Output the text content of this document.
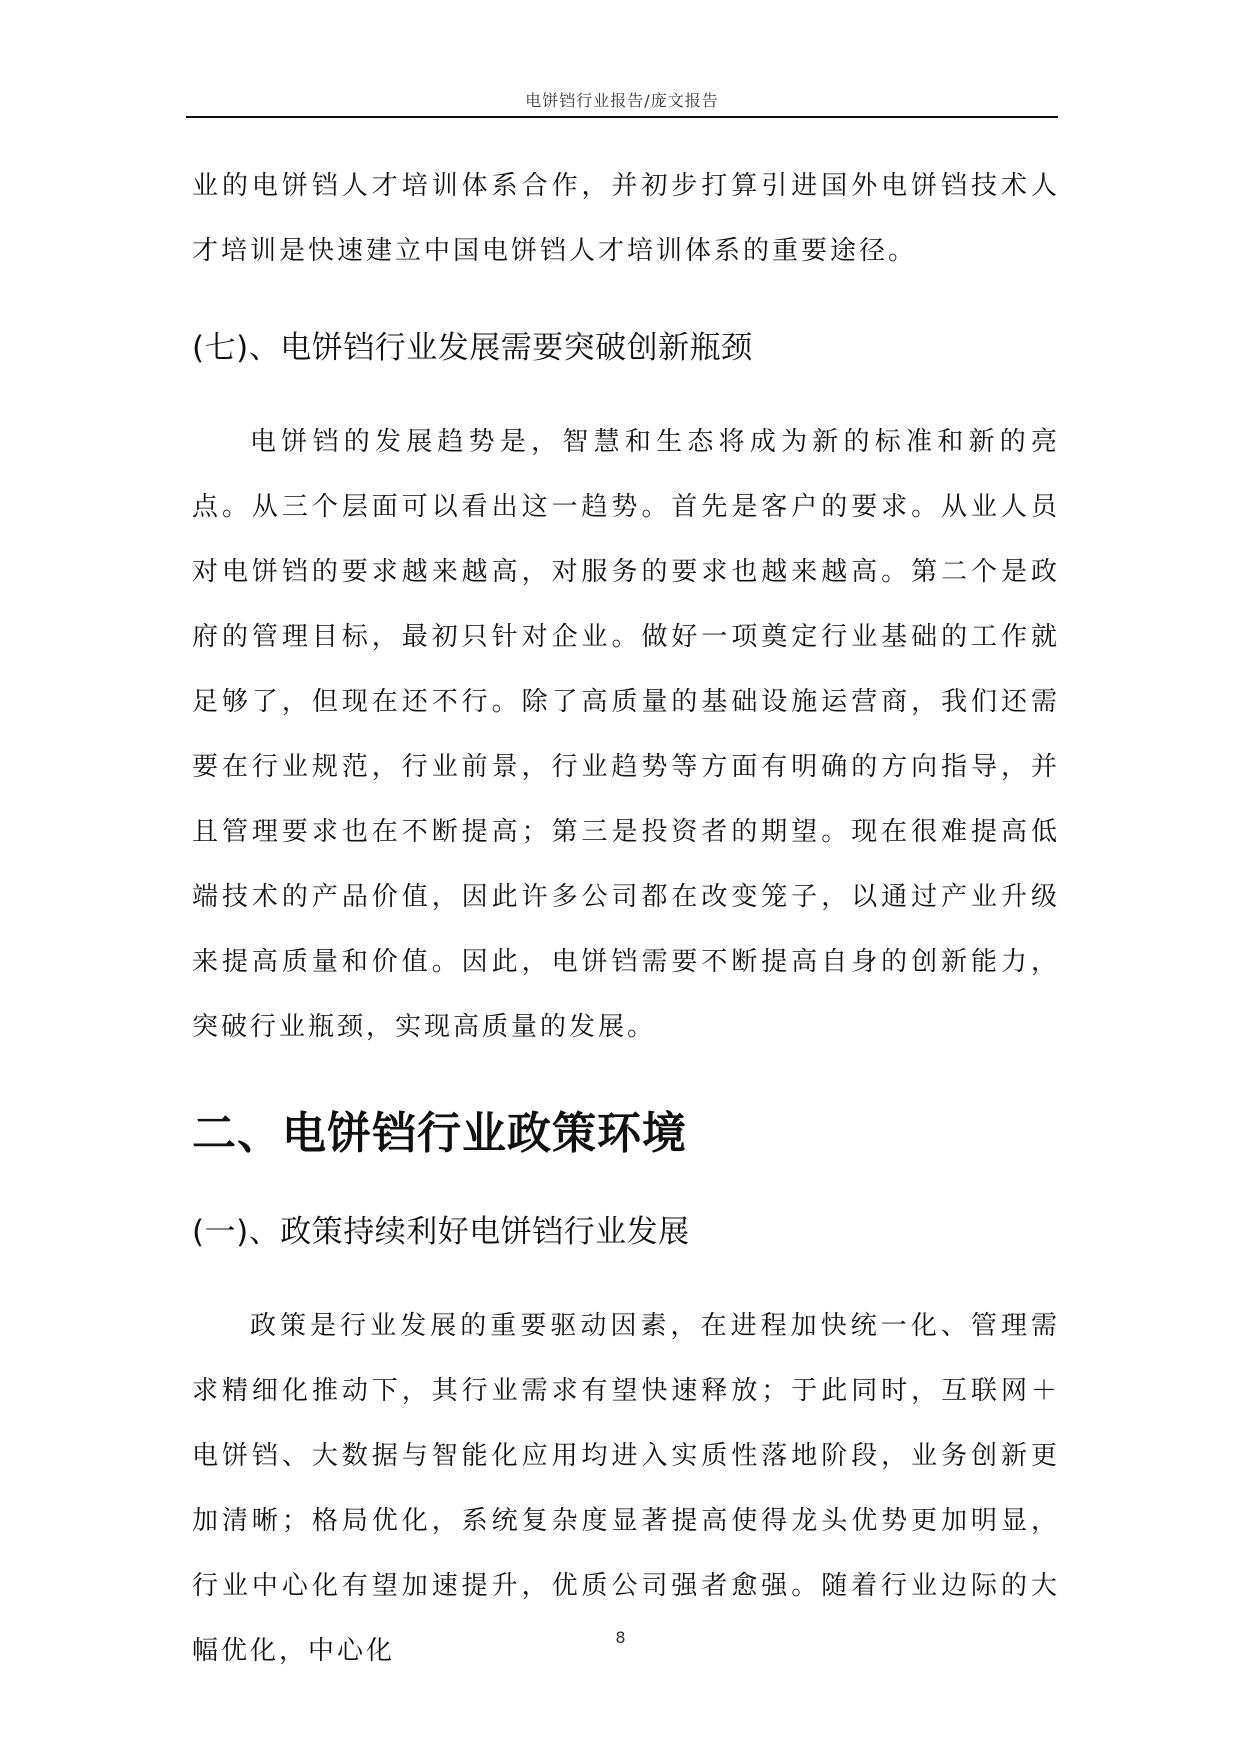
电饼铛行业报告/庞文报告

业的电饼铛人才培训体系合作，并初步打算引进国外电饼铛技术人才培训是快速建立中国电饼铛人才培训体系的重要途径。

(七)、电饼铛行业发展需要突破创新瓶颈

电饼铛的发展趋势是，智慧和生态将成为新的标准和新的亮点。从三个层面可以看出这一趋势。首先是客户的要求。从业人员对电饼铛的要求越来越高，对服务的要求也越来越高。第二个是政府的管理目标，最初只针对企业。做好一项奠定行业基础的工作就足够了，但现在还不行。除了高质量的基础设施运营商，我们还需要在行业规范，行业前景，行业趋势等方面有明确的方向指导，并且管理要求也在不断提高；第三是投资者的期望。现在很难提高低端技术的产品价值，因此许多公司都在改变笼子，以通过产业升级来提高质量和价值。因此，电饼铛需要不断提高自身的创新能力，突破行业瓶颈，实现高质量的发展。

二、电饼铛行业政策环境
(一)、政策持续利好电饼铛行业发展

政策是行业发展的重要驱动因素，在进程加快统一化、管理需求精细化推动下，其行业需求有望快速释放；于此同时，互联网＋电饼铛、大数据与智能化应用均进入实质性落地阶段，业务创新更加清晰；格局优化，系统复杂度显著提高使得龙头优势更加明显，行业中心化有望加速提升，优质公司强者愈强。随着行业边际的大幅优化，中心化	8
